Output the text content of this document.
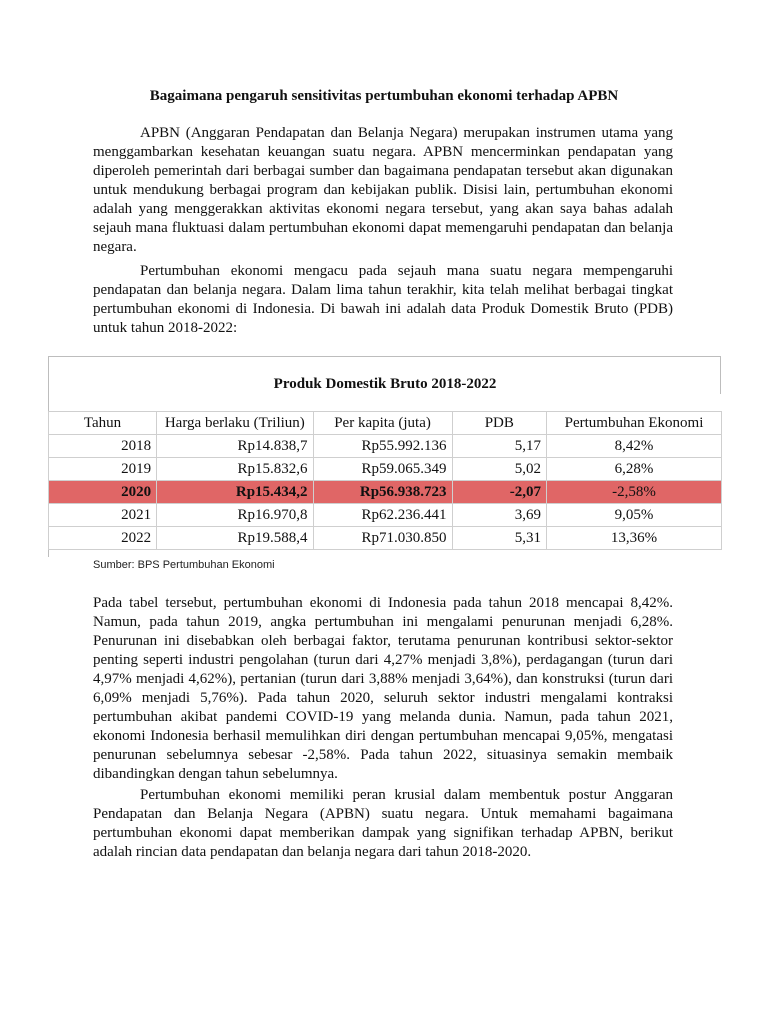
Bagaimana pengaruh sensitivitas pertumbuhan ekonomi terhadap APBN

APBN (Anggaran Pendapatan dan Belanja Negara) merupakan instrumen utama yang menggambarkan kesehatan keuangan suatu negara. APBN mencerminkan pendapatan yang diperoleh pemerintah dari berbagai sumber dan bagaimana pendapatan tersebut akan digunakan untuk mendukung berbagai program dan kebijakan publik. Disisi lain, pertumbuhan ekonomi adalah yang menggerakkan aktivitas ekonomi negara tersebut, yang akan saya bahas adalah sejauh mana fluktuasi dalam pertumbuhan ekonomi dapat memengaruhi pendapatan dan belanja negara.

Pertumbuhan ekonomi mengacu pada sejauh mana suatu negara mempengaruhi pendapatan dan belanja negara. Dalam lima tahun terakhir, kita telah melihat berbagai tingkat pertumbuhan ekonomi di Indonesia. Di bawah ini adalah data Produk Domestik Bruto (PDB) untuk tahun 2018-2022:

Produk Domestik Bruto 2018-2022
Tahun	Harga berlaku (Triliun)	Per kapita (juta)	PDB	Pertumbuhan Ekonomi
2018	Rp14.838,7	Rp55.992.136	5,17	8,42%
2019	Rp15.832,6	Rp59.065.349	5,02	6,28%
2020	Rp15.434,2	Rp56.938.723	-2,07	-2,58%
2021	Rp16.970,8	Rp62.236.441	3,69	9,05%
2022	Rp19.588,4	Rp71.030.850	5,31	13,36%
Sumber: BPS Pertumbuhan Ekonomi

Pada tabel tersebut, pertumbuhan ekonomi di Indonesia pada tahun 2018 mencapai 8,42%. Namun, pada tahun 2019, angka pertumbuhan ini mengalami penurunan menjadi 6,28%. Penurunan ini disebabkan oleh berbagai faktor, terutama penurunan kontribusi sektor-sektor penting seperti industri pengolahan (turun dari 4,27% menjadi 3,8%), perdagangan (turun dari 4,97% menjadi 4,62%), pertanian (turun dari 3,88% menjadi 3,64%), dan konstruksi (turun dari 6,09% menjadi 5,76%). Pada tahun 2020, seluruh sektor industri mengalami kontraksi pertumbuhan akibat pandemi COVID-19 yang melanda dunia. Namun, pada tahun 2021, ekonomi Indonesia berhasil memulihkan diri dengan pertumbuhan mencapai 9,05%, mengatasi penurunan sebelumnya sebesar -2,58%. Pada tahun 2022, situasinya semakin membaik dibandingkan dengan tahun sebelumnya.

Pertumbuhan ekonomi memiliki peran krusial dalam membentuk postur Anggaran Pendapatan dan Belanja Negara (APBN) suatu negara. Untuk memahami bagaimana pertumbuhan ekonomi dapat memberikan dampak yang signifikan terhadap APBN, berikut adalah rincian data pendapatan dan belanja negara dari tahun 2018-2020.
